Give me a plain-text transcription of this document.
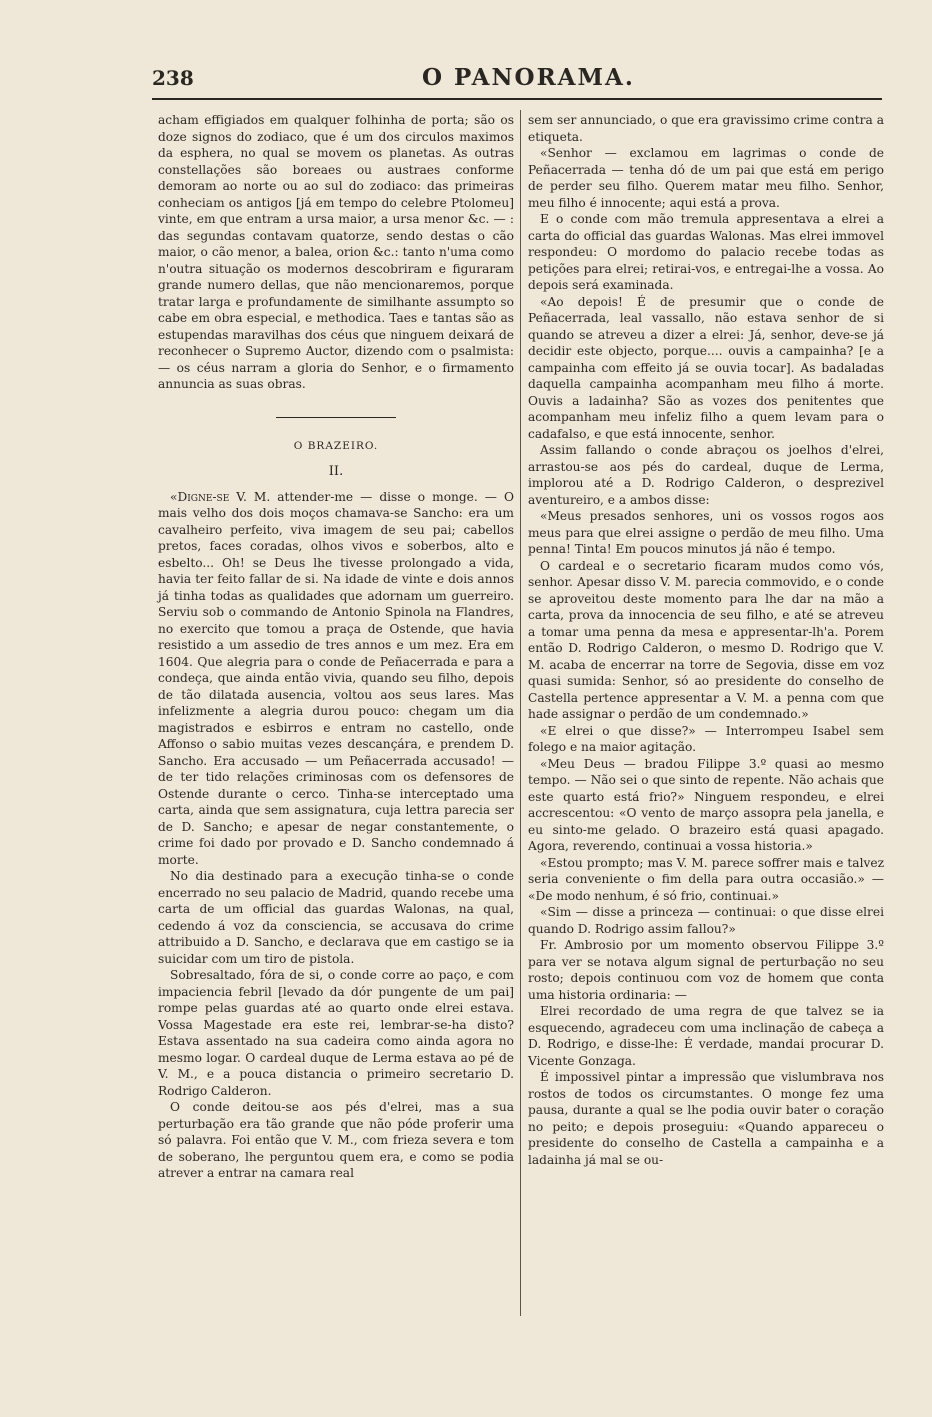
238	O PANORAMA.

acham effigiados em qualquer folhinha de porta; são os doze signos do zodiaco, que é um dos circulos maximos da esphera, no qual se movem os planetas. As outras constellações são boreaes ou austraes conforme demoram ao norte ou ao sul do zodiaco: das primeiras conheciam os antigos [já em tempo do celebre Ptolomeu] vinte, em que entram a ursa maior, a ursa menor &c. — : das segundas contavam quatorze, sendo destas o cão maior, o cão menor, a balea, orion &c.: tanto n'uma como n'outra situação os modernos descobriram e figuraram grande numero dellas, que não mencionaremos, porque tratar larga e profundamente de similhante assumpto so cabe em obra especial, e methodica. Taes e tantas são as estupendas maravilhas dos céus que ninguem deixará de reconhecer o Supremo Auctor, dizendo com o psalmista: — os céus narram a gloria do Senhor, e o firmamento annuncia as suas obras.

O BRAZEIRO.
II.

«Digne-se V. M. attender-me — disse o monge. — O mais velho dos dois moços chamava-se Sancho: era um cavalheiro perfeito, viva imagem de seu pai; cabellos pretos, faces coradas, olhos vivos e soberbos, alto e esbelto... Oh! se Deus lhe tivesse prolongado a vida, havia ter feito fallar de si. Na idade de vinte e dois annos já tinha todas as qualidades que adornam um guerreiro. Serviu sob o commando de Antonio Spinola na Flandres, no exercito que tomou a praça de Ostende, que havia resistido a um assedio de tres annos e um mez. Era em 1604. Que alegria para o conde de Peñacerrada e para a condeça, que ainda então vivia, quando seu filho, depois de tão dilatada ausencia, voltou aos seus lares. Mas infelizmente a alegria durou pouco: chegam um dia magistrados e esbirros e entram no castello, onde Affonso o sabio muitas vezes descançára, e prendem D. Sancho. Era accusado — um Peñacerrada accusado! — de ter tido relações criminosas com os defensores de Ostende durante o cerco. Tinha-se interceptado uma carta, ainda que sem assignatura, cuja lettra parecia ser de D. Sancho; e apesar de negar constantemente, o crime foi dado por provado e D. Sancho condemnado á morte.

No dia destinado para a execução tinha-se o conde encerrado no seu palacio de Madrid, quando recebe uma carta de um official das guardas Walonas, na qual, cedendo á voz da consciencia, se accusava do crime attribuido a D. Sancho, e declarava que em castigo se ia suicidar com um tiro de pistola.

Sobresaltado, fóra de si, o conde corre ao paço, e com impaciencia febril [levado da dór pungente de um pai] rompe pelas guardas até ao quarto onde elrei estava. Vossa Magestade era este rei, lembrar-se-ha disto? Estava assentado na sua cadeira como ainda agora no mesmo logar. O cardeal duque de Lerma estava ao pé de V. M., e a pouca distancia o primeiro secretario D. Rodrigo Calderon.

O conde deitou-se aos pés d'elrei, mas a sua perturbação era tão grande que não póde proferir uma só palavra. Foi então que V. M., com frieza severa e tom de soberano, lhe perguntou quem era, e como se podia atrever a entrar na camara real

sem ser annunciado, o que era gravissimo crime contra a etiqueta.

«Senhor — exclamou em lagrimas o conde de Peñacerrada — tenha dó de um pai que está em perigo de perder seu filho. Querem matar meu filho. Senhor, meu filho é innocente; aqui está a prova.

E o conde com mão tremula appresentava a elrei a carta do official das guardas Walonas. Mas elrei immovel respondeu: O mordomo do palacio recebe todas as petições para elrei; retirai-vos, e entregai-lhe a vossa. Ao depois será examinada.

«Ao depois! É de presumir que o conde de Peñacerrada, leal vassallo, não estava senhor de si quando se atreveu a dizer a elrei: Já, senhor, deve-se já decidir este objecto, porque.... ouvis a campainha? [e a campainha com effeito já se ouvia tocar]. As badaladas daquella campainha acompanham meu filho á morte. Ouvis a ladainha? São as vozes dos penitentes que acompanham meu infeliz filho a quem levam para o cadafalso, e que está innocente, senhor.

Assim fallando o conde abraçou os joelhos d'elrei, arrastou-se aos pés do cardeal, duque de Lerma, implorou até a D. Rodrigo Calderon, o desprezivel aventureiro, e a ambos disse:

«Meus presados senhores, uni os vossos rogos aos meus para que elrei assigne o perdão de meu filho. Uma penna! Tinta! Em poucos minutos já não é tempo.

O cardeal e o secretario ficaram mudos como vós, senhor. Apesar disso V. M. parecia commovido, e o conde se aproveitou deste momento para lhe dar na mão a carta, prova da innocencia de seu filho, e até se atreveu a tomar uma penna da mesa e appresentar-lh'a. Porem então D. Rodrigo Calderon, o mesmo D. Rodrigo que V. M. acaba de encerrar na torre de Segovia, disse em voz quasi sumida: Senhor, só ao presidente do conselho de Castella pertence appresentar a V. M. a penna com que hade assignar o perdão de um condemnado.»

«E elrei o que disse?» — Interrompeu Isabel sem folego e na maior agitação.

«Meu Deus — bradou Filippe 3.º quasi ao mesmo tempo. — Não sei o que sinto de repente. Não achais que este quarto está frio?» Ninguem respondeu, e elrei accrescentou: «O vento de março assopra pela janella, e eu sinto-me gelado. O brazeiro está quasi apagado. Agora, reverendo, continuai a vossa historia.»

«Estou prompto; mas V. M. parece soffrer mais e talvez seria conveniente o fim della para outra occasião.» — «De modo nenhum, é só frio, continuai.»

«Sim — disse a princeza — continuai: o que disse elrei quando D. Rodrigo assim fallou?»

Fr. Ambrosio por um momento observou Filippe 3.º para ver se notava algum signal de perturbação no seu rosto; depois continuou com voz de homem que conta uma historia ordinaria: —

Elrei recordado de uma regra de que talvez se ia esquecendo, agradeceu com uma inclinação de cabeça a D. Rodrigo, e disse-lhe: É verdade, mandai procurar D. Vicente Gonzaga.

É impossivel pintar a impressão que vislumbrava nos rostos de todos os circumstantes. O monge fez uma pausa, durante a qual se lhe podia ouvir bater o coração no peito; e depois proseguiu: «Quando appareceu o presidente do conselho de Castella a campainha e a ladainha já mal se ou-
